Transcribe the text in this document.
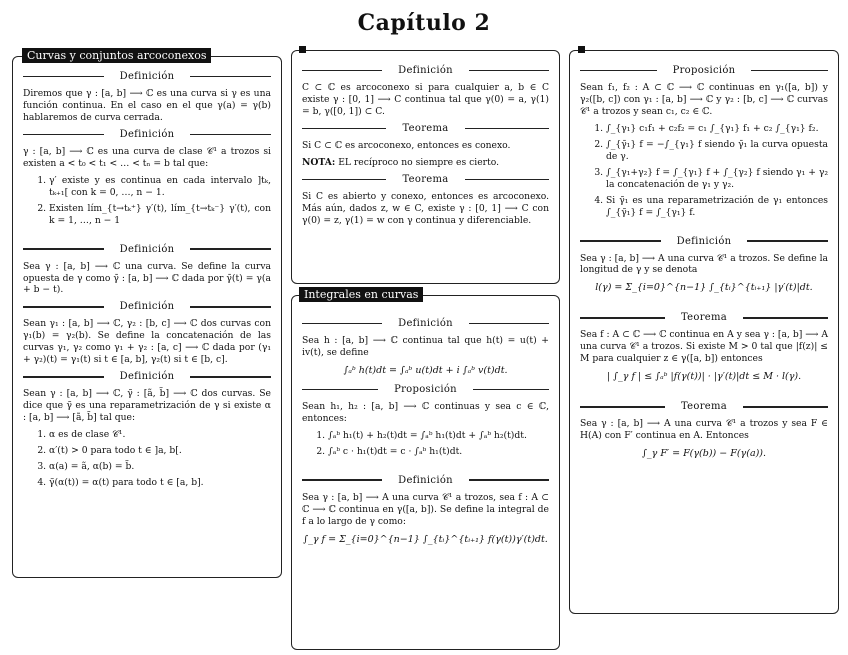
Capítulo 2
Definición

Diremos que γ : [a, b] ⟶ ℂ es una curva si γ es una función continua. En el caso en el que γ(a) = γ(b) hablaremos de curva cerrada.

Definición

γ : [a, b] ⟶ ℂ es una curva de clase 𝒞¹ a trozos si existen a < t₀ < t₁ < … < tₙ = b tal que:

1. γ′ existe y es continua en cada intervalo ]tₖ, tₖ₊₁[ con k = 0, …, n − 1.
2. Existen lím_{t→tₖ⁺} γ′(t), lím_{t→tₖ⁻} γ′(t), con k = 1, …, n − 1
Definición

Sea γ : [a, b] ⟶ ℂ una curva. Se define la curva opuesta de γ como γ̄ : [a, b] ⟶ ℂ dada por γ̄(t) = γ(a + b − t).

Definición

Sean γ₁ : [a, b] ⟶ ℂ, γ₂ : [b, c] ⟶ ℂ dos curvas con γ₁(b) = γ₂(b). Se define la concatenación de las curvas γ₁, γ₂ como γ₁ + γ₂ : [a, c] ⟶ ℂ dada por (γ₁ + γ₂)(t) = γ₁(t) si t ∈ [a, b], γ₂(t) si t ∈ [b, c].

Definición

Sean γ : [a, b] ⟶ ℂ, γ̃ : [ã, b̃] ⟶ ℂ dos curvas. Se dice que γ̃ es una reparametrización de γ si existe α : [a, b] ⟶ [ã, b̃] tal que:

1. α es de clase 𝒞¹.
2. α′(t) > 0 para todo t ∈ ]a, b[.
3. α(a) = ã, α(b) = b̃.
4. γ̃(α(t)) = α(t) para todo t ∈ [a, b].
Curvas y conjuntos arcoconexos
Definición

C ⊂ ℂ es arcoconexo si para cualquier a, b ∈ C existe γ : [0, 1] ⟶ C continua tal que γ(0) = a, γ(1) = b, γ([0, 1]) ⊂ C.

Teorema

Si C ⊂ ℂ es arcoconexo, entonces es conexo.

NOTA: EL recíproco no siempre es cierto.

Teorema

Si C es abierto y conexo, entonces es arcoconexo. Más aún, dados z, w ∈ C, existe γ : [0, 1] ⟶ C con γ(0) = z, γ(1) = w con γ continua y diferenciable.

Definición

Sea h : [a, b] ⟶ ℂ continua tal que h(t) = u(t) + iv(t), se define

∫ₐᵇ h(t)dt = ∫ₐᵇ u(t)dt + i ∫ₐᵇ v(t)dt.
Proposición

Sean h₁, h₂ : [a, b] ⟶ ℂ continuas y sea c ∈ ℂ, entonces:

1. ∫ₐᵇ h₁(t) + h₂(t)dt = ∫ₐᵇ h₁(t)dt + ∫ₐᵇ h₂(t)dt.
2. ∫ₐᵇ c · h₁(t)dt = c · ∫ₐᵇ h₁(t)dt.
Definición

Sea γ : [a, b] ⟶ A una curva 𝒞¹ a trozos, sea f : A ⊂ ℂ ⟶ ℂ continua en γ([a, b]). Se define la integral de f a lo largo de γ como:

∫_γ f = Σ_{i=0}^{n−1} ∫_{tᵢ}^{tᵢ₊₁} f(γ(t))γ′(t)dt.
Integrales en curvas
Proposición

Sean f₁, f₂ : A ⊂ ℂ ⟶ ℂ continuas en γ₁([a, b]) y γ₂([b, c]) con γ₁ : [a, b] ⟶ ℂ y γ₂ : [b, c] ⟶ ℂ curvas 𝒞¹ a trozos y sean c₁, c₂ ∈ ℂ.

1. ∫_{γ₁} c₁f₁ + c₂f₂ = c₁ ∫_{γ₁} f₁ + c₂ ∫_{γ₁} f₂.
2. ∫_{γ̄₁} f = −∫_{γ₁} f siendo γ̄₁ la curva opuesta de γ.
3. ∫_{γ₁+γ₂} f = ∫_{γ₁} f + ∫_{γ₂} f siendo γ₁ + γ₂ la concatenación de γ₁ y γ₂.
4. Si γ̃₁ es una reparametrización de γ₁ entonces ∫_{γ̃₁} f = ∫_{γ₁} f.
Definición

Sea γ : [a, b] ⟶ A una curva 𝒞¹ a trozos. Se define la longitud de γ y se denota

l(γ) = Σ_{i=0}^{n−1} ∫_{tᵢ}^{tᵢ₊₁} |γ′(t)|dt.
Teorema

Sea f : A ⊂ ℂ ⟶ ℂ continua en A y sea γ : [a, b] ⟶ A una curva 𝒞¹ a trozos. Si existe M > 0 tal que |f(z)| ≤ M para cualquier z ∈ γ([a, b]) entonces

| ∫_γ f | ≤ ∫ₐᵇ |f(γ(t))| · |γ′(t)|dt ≤ M · l(γ).
Teorema

Sea γ : [a, b] ⟶ A una curva 𝒞¹ a trozos y sea F ∈ H(A) con F′ continua en A. Entonces

∫_γ F′ = F(γ(b)) − F(γ(a)).
